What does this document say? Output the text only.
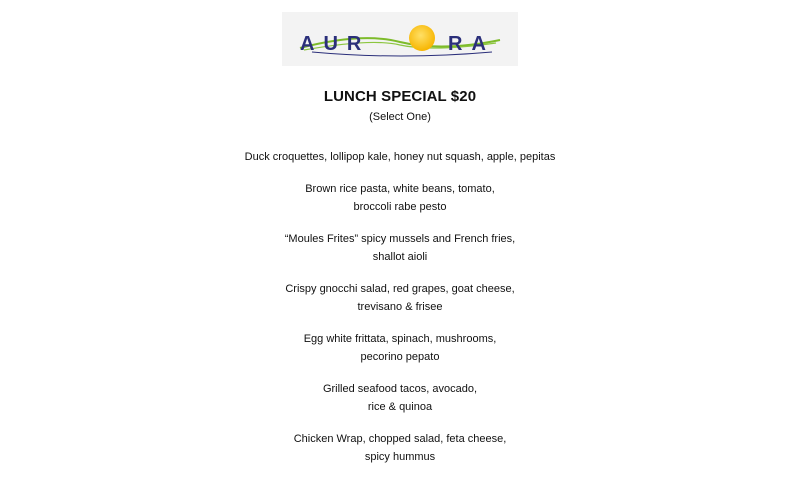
AUR	RA
LUNCH SPECIAL $20
(Select One)
Duck croquettes, lollipop kale, honey nut squash, apple, pepitas
Brown rice pasta, white beans, tomato,
broccoli rabe pesto
“Moules Frites” spicy mussels and French fries,
shallot aioli
Crispy gnocchi salad, red grapes, goat cheese,
trevisano & frisee
Egg white frittata, spinach, mushrooms,
pecorino pepato
Grilled seafood tacos, avocado,
rice & quinoa
Chicken Wrap, chopped salad, feta cheese,
spicy hummus
